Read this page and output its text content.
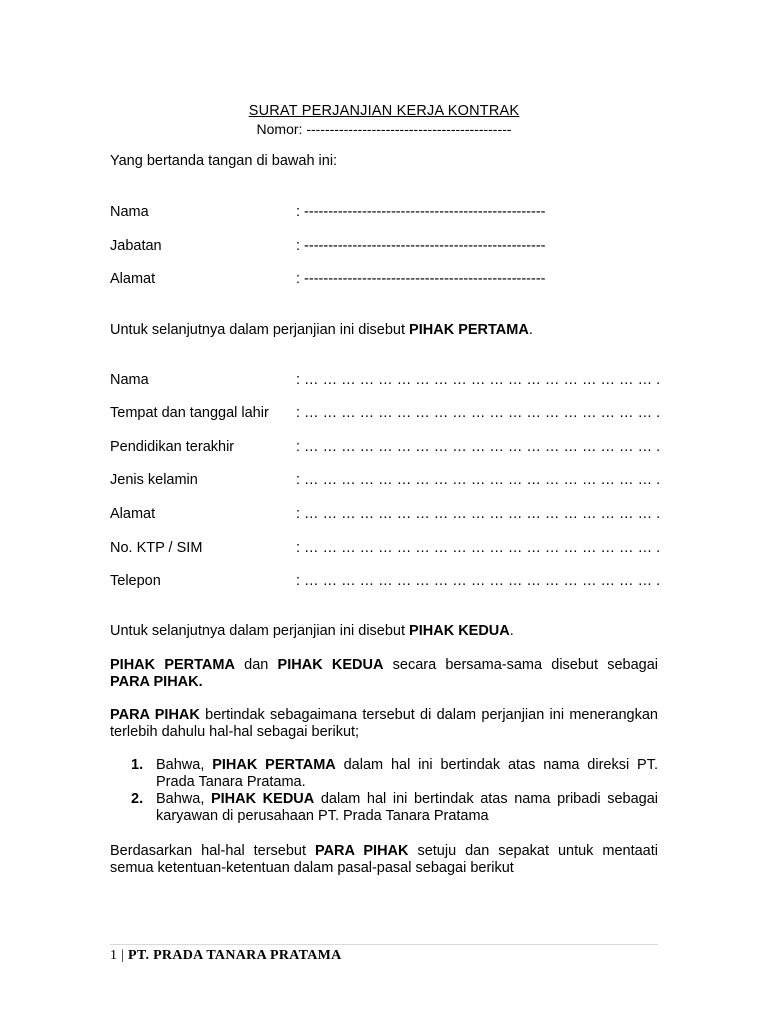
SURAT PERJANJIAN KERJA KONTRAK
Nomor: --------------------------------------------
Yang bertanda tangan di bawah ini:
Nama	: --------------------------------------------------
Jabatan	: --------------------------------------------------
Alamat	: --------------------------------------------------
Untuk selanjutnya dalam perjanjian ini disebut PIHAK PERTAMA.
Nama	: … … … … … … … … … … … … … … … … … … … .
Tempat dan tanggal lahir : … … … … … … … … … … … … … … … … … … … .
Pendidikan terakhir	: … … … … … … … … … … … … … … … … … … … .
Jenis kelamin	: … … … … … … … … … … … … … … … … … … … .
Alamat	: … … … … … … … … … … … … … … … … … … … .
No. KTP / SIM	: … … … … … … … … … … … … … … … … … … … .
Telepon	: … … … … … … … … … … … … … … … … … … … .
Untuk selanjutnya dalam perjanjian ini disebut PIHAK KEDUA.
PIHAK PERTAMA dan PIHAK KEDUA secara bersama-sama disebut sebagai PARA PIHAK.
PARA PIHAK bertindak sebagaimana tersebut di dalam perjanjian ini menerangkan terlebih dahulu hal-hal sebagai berikut;
1. Bahwa, PIHAK PERTAMA dalam hal ini bertindak atas nama direksi PT. Prada Tanara Pratama.
2. Bahwa, PIHAK KEDUA dalam hal ini bertindak atas nama pribadi sebagai karyawan di perusahaan PT. Prada Tanara Pratama
Berdasarkan hal-hal tersebut PARA PIHAK setuju dan sepakat untuk mentaati semua ketentuan-ketentuan dalam pasal-pasal sebagai berikut
1 | PT. PRADA TANARA PRATAMA
